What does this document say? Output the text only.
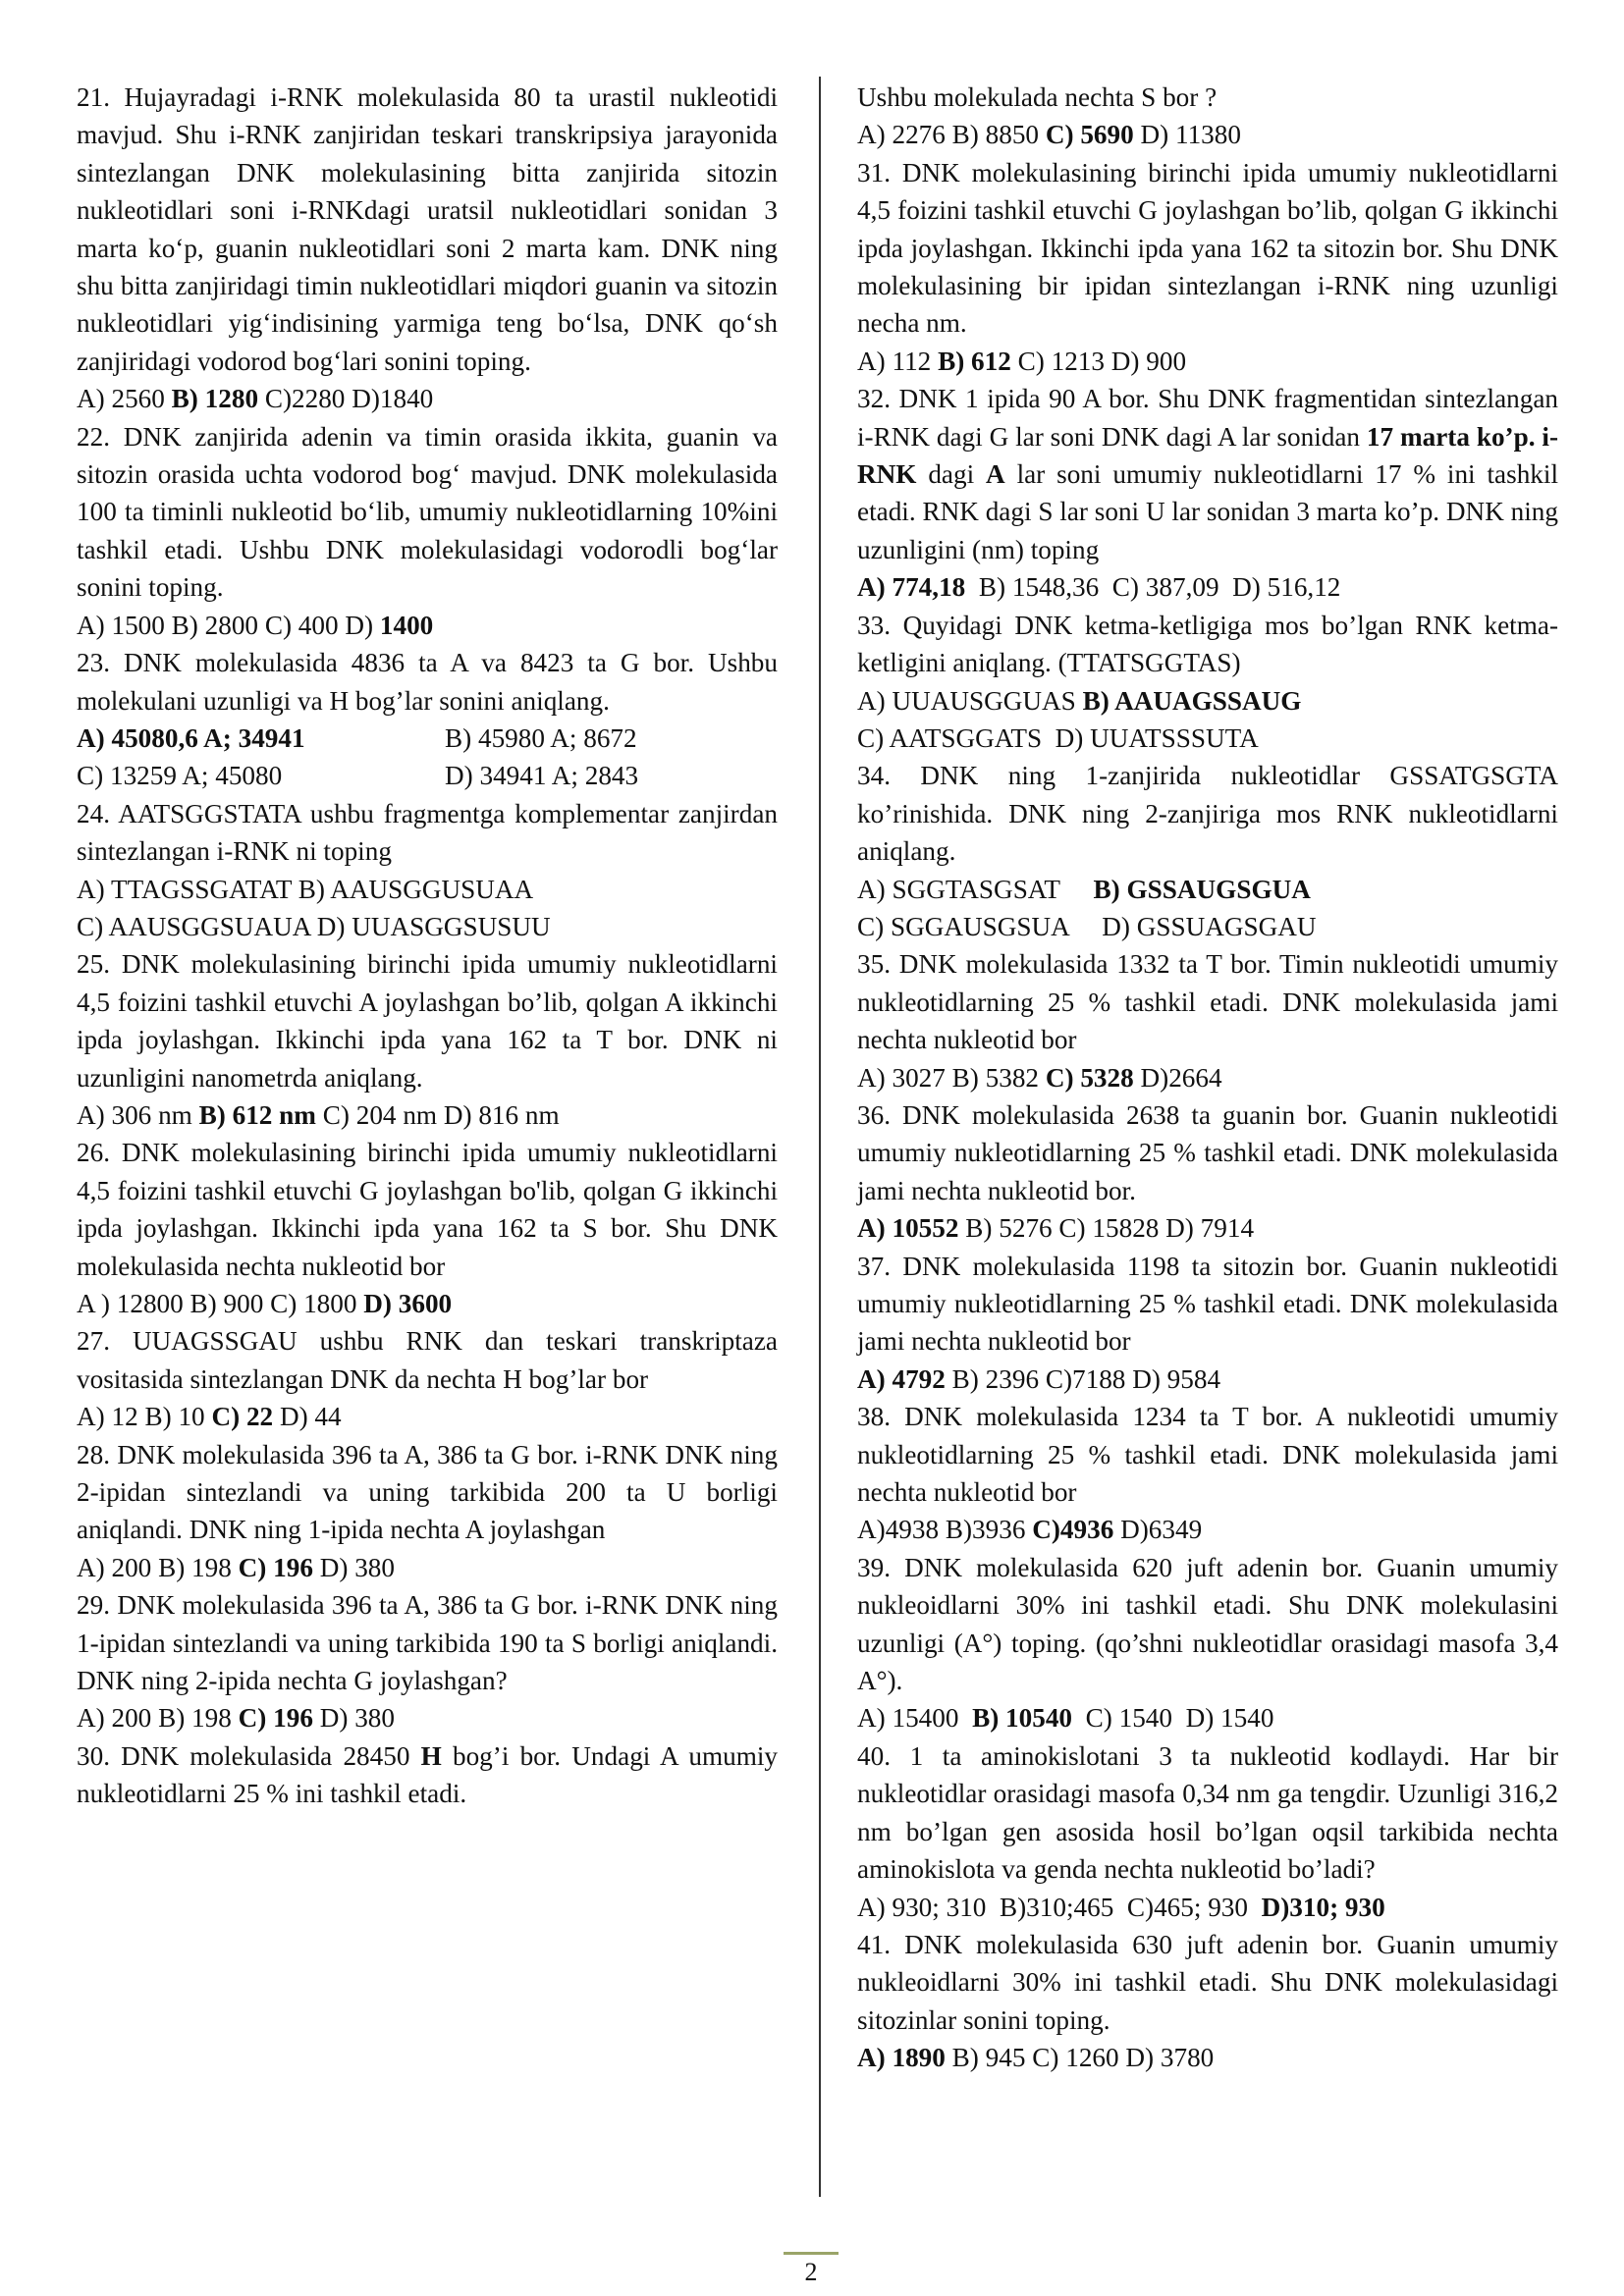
21. Hujayradagi i-RNK molekulasida 80 ta urastil nukleotidi mavjud. Shu i-RNK zanjiridan teskari transkripsiya jarayonida sintezlangan DNK molekulasining bitta zanjirida sitozin nukleotidlari soni i-RNKdagi uratsil nukleotidlari sonidan 3 marta ko‘p, guanin nukleotidlari soni 2 marta kam. DNK ning shu bitta zanjiridagi timin nukleotidlari miqdori guanin va sitozin nukleotidlari yig‘indisining yarmiga teng bo‘lsa, DNK qo‘sh zanjiridagi vodorod bog‘lari sonini toping.
A) 2560 B) 1280 C)2280 D)1840
22. DNK zanjirida adenin va timin orasida ikkita, guanin va sitozin orasida uchta vodorod bog‘ mavjud. DNK molekulasida 100 ta timinli nukleotid bo‘lib, umumiy nukleotidlarning 10%ini tashkil etadi. Ushbu DNK molekulasidagi vodorodli bog‘lar sonini toping.
A) 1500 B) 2800 C) 400 D) 1400
23. DNK molekulasida 4836 ta A va 8423 ta G bor. Ushbu molekulani uzunligi va H bog’lar sonini aniqlang.
A) 45080,6 A; 34941	B) 45980 A; 8672
C) 13259 A; 45080	D) 34941 A; 2843
24. AATSGGSTATA ushbu fragmentga komplementar zanjirdan sintezlangan i-RNK ni toping
A) TTAGSSGATAT B) AAUSGGUSUAA
C) AAUSGGSUAUA D) UUASGGSUSUU
25. DNK molekulasining birinchi ipida umumiy nukleotidlarni 4,5 foizini tashkil etuvchi A joylashgan bo’lib, qolgan A ikkinchi ipda joylashgan. Ikkinchi ipda yana 162 ta T bor. DNK ni uzunligini nanometrda aniqlang.
A) 306 nm B) 612 nm C) 204 nm D) 816 nm
26. DNK molekulasining birinchi ipida umumiy nukleotidlarni 4,5 foizini tashkil etuvchi G joylashgan bo'lib, qolgan G ikkinchi ipda joylashgan. Ikkinchi ipda yana 162 ta S bor. Shu DNK molekulasida nechta nukleotid bor
A ) 12800 B) 900 C) 1800 D) 3600
27. UUAGSSGAU ushbu RNK dan teskari transkriptaza vositasida sintezlangan DNK da nechta H bog’lar bor
A) 12 B) 10 C) 22 D) 44
28. DNK molekulasida 396 ta A, 386 ta G bor. i-RNK DNK ning 2-ipidan sintezlandi va uning tarkibida 200 ta U borligi aniqlandi. DNK ning 1-ipida nechta A joylashgan
A) 200 B) 198 C) 196 D) 380
29. DNK molekulasida 396 ta A, 386 ta G bor. i-RNK DNK ning 1-ipidan sintezlandi va uning tarkibida 190 ta S borligi aniqlandi. DNK ning 2-ipida nechta G joylashgan?
A) 200 B) 198 C) 196 D) 380
30. DNK molekulasida 28450 H bog’i bor. Undagi A umumiy nukleotidlarni 25 % ini tashkil etadi.
Ushbu molekulada nechta S bor ?
A) 2276 B) 8850 C) 5690 D) 11380
31. DNK molekulasining birinchi ipida umumiy nukleotidlarni 4,5 foizini tashkil etuvchi G joylashgan bo’lib, qolgan G ikkinchi ipda joylashgan. Ikkinchi ipda yana 162 ta sitozin bor. Shu DNK molekulasining bir ipidan sintezlangan i-RNK ning uzunligi necha nm.
A) 112 B) 612 C) 1213 D) 900
32. DNK 1 ipida 90 A bor. Shu DNK fragmentidan sintezlangan i-RNK dagi G lar soni DNK dagi A lar sonidan 17 marta ko’p. i-RNK dagi A lar soni umumiy nukleotidlarni 17 % ini tashkil etadi. RNK dagi S lar soni U lar sonidan 3 marta ko’p. DNK ning uzunligini (nm) toping
A) 774,18  B) 1548,36  C) 387,09  D) 516,12
33. Quyidagi DNK ketma-ketligiga mos bo’lgan RNK ketma- ketligini aniqlang. (TTATSGGTAS)
A) UUAUSGGUAS B) AAUAGSSAUG
C) AATSGGATS  D) UUATSSSUTA
34. DNK ning 1-zanjirida nukleotidlar GSSATGSGTA ko’rinishida. DNK ning 2-zanjiriga mos RNK nukleotidlarni aniqlang.
A) SGGTASGSAT     B) GSSAUGSGUA
C) SGGAUSGSUA     D) GSSUAGSGAU
35. DNK molekulasida 1332 ta T bor. Timin nukleotidi umumiy nukleotidlarning 25 % tashkil etadi. DNK molekulasida jami nechta nukleotid bor
A) 3027 B) 5382 C) 5328 D)2664
36. DNK molekulasida 2638 ta guanin bor. Guanin nukleotidi umumiy nukleotidlarning 25 % tashkil etadi. DNK molekulasida jami nechta nukleotid bor.
A) 10552 B) 5276 C) 15828 D) 7914
37. DNK molekulasida 1198 ta sitozin bor. Guanin nukleotidi umumiy nukleotidlarning 25 % tashkil etadi. DNK molekulasida jami nechta nukleotid bor
A) 4792 B) 2396 C)7188 D) 9584
38. DNK molekulasida 1234 ta T bor. A nukleotidi umumiy nukleotidlarning 25 % tashkil etadi. DNK molekulasida jami nechta nukleotid bor
A)4938 B)3936 C)4936 D)6349
39. DNK molekulasida 620 juft adenin bor. Guanin umumiy nukleoidlarni 30% ini tashkil etadi. Shu DNK molekulasini uzunligi (A°) toping. (qo’shni nukleotidlar orasidagi masofa 3,4 A°).
A) 15400  B) 10540  C) 1540  D) 1540
40. 1 ta aminokislotani 3 ta nukleotid kodlaydi. Har bir nukleotidlar orasidagi masofa 0,34 nm ga tengdir. Uzunligi 316,2 nm bo’lgan gen asosida hosil bo’lgan oqsil tarkibida nechta aminokislota va genda nechta nukleotid bo’ladi?
A) 930; 310  B)310;465  C)465; 930  D)310; 930
41. DNK molekulasida 630 juft adenin bor. Guanin umumiy nukleoidlarni 30% ini tashkil etadi. Shu DNK molekulasidagi sitozinlar sonini toping.
A) 1890 B) 945 C) 1260 D) 3780
2
